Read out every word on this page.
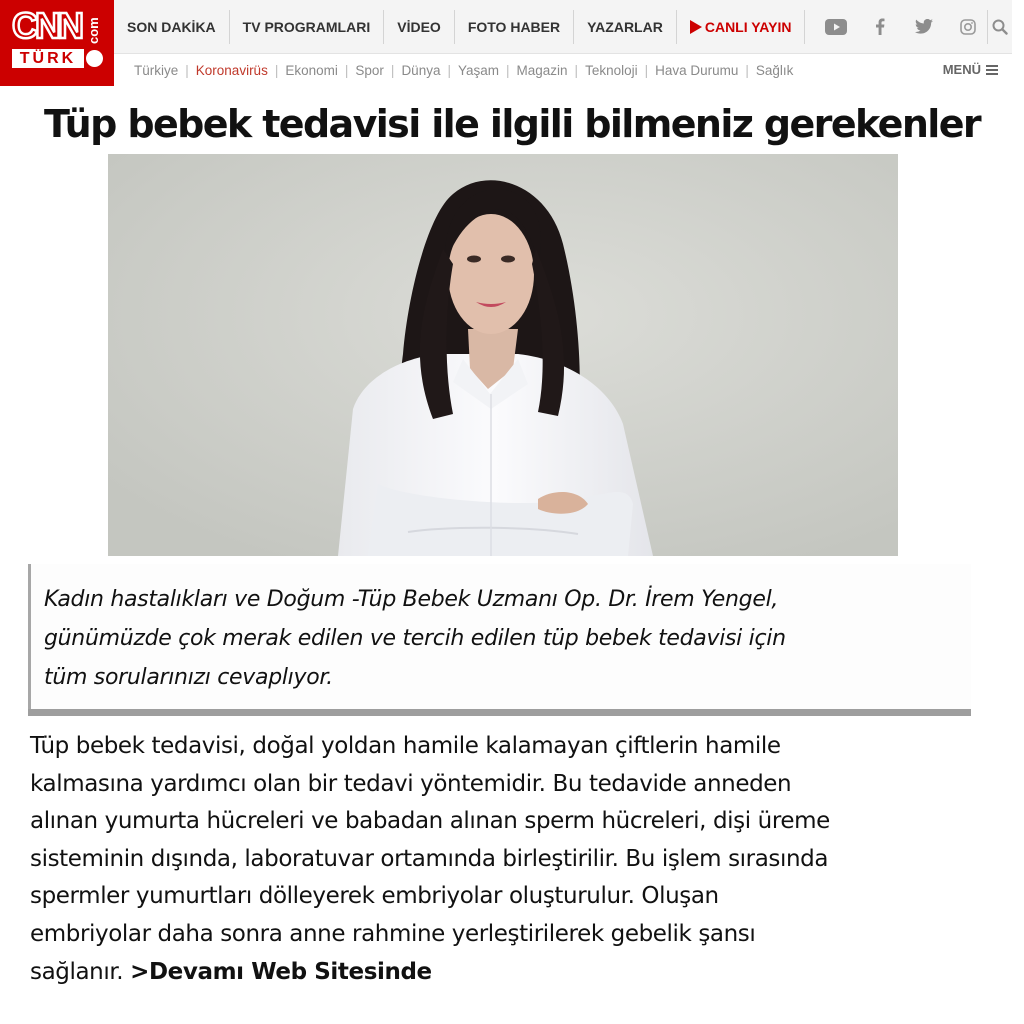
CNN
TÜRK
com	SON DAKİKA	TV PROGRAMLARI	VİDEO	FOTO HABER	YAZARLAR	CANLI YAYIN
Türkiye | Koronavirüs | Ekonomi | Spor | Dünya | Yaşam | Magazin | Teknoloji | Hava Durumu | Sağlık	MENÜ
Tüp bebek tedavisi ile ilgili bilmeniz gerekenler
Kadın hastalıkları ve Doğum -Tüp Bebek Uzmanı Op. Dr. İrem Yengel,
günümüzde çok merak edilen ve tercih edilen tüp bebek tedavisi için
tüm sorularınızı cevaplıyor.
Tüp bebek tedavisi, doğal yoldan hamile kalamayan çiftlerin hamile
kalmasına yardımcı olan bir tedavi yöntemidir. Bu tedavide anneden
alınan yumurta hücreleri ve babadan alınan sperm hücreleri, dişi üreme
sisteminin dışında, laboratuvar ortamında birleştirilir. Bu işlem sırasında
spermler yumurtları dölleyerek embriyolar oluşturulur. Oluşan
embriyolar daha sonra anne rahmine yerleştirilerek gebelik şansı
sağlanır. >Devamı Web Sitesinde
